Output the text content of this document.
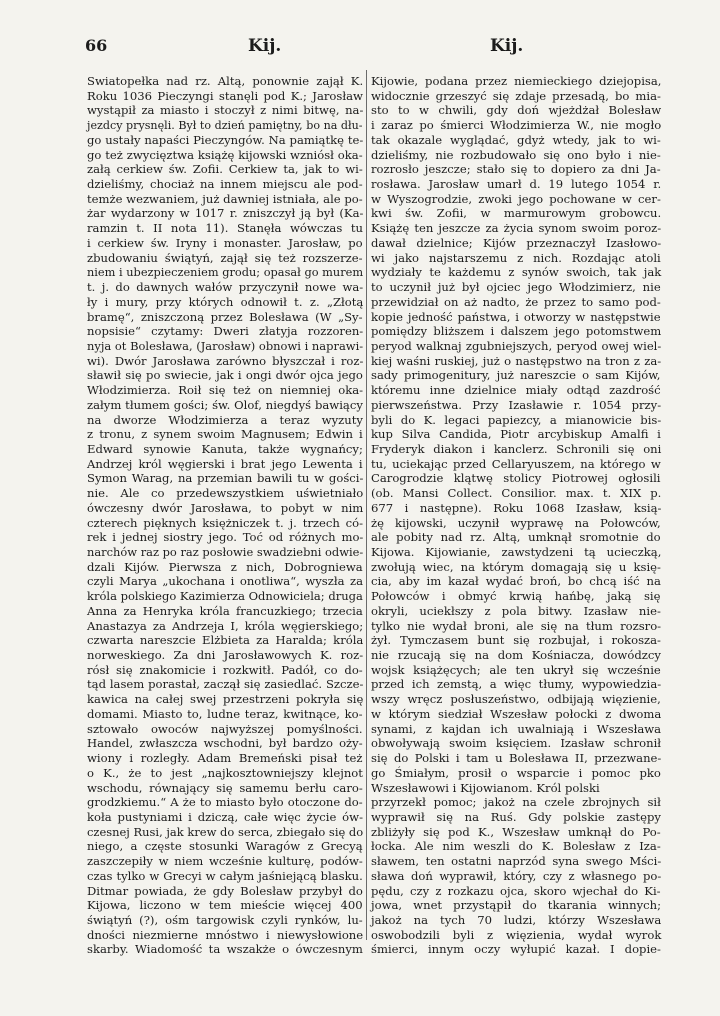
66	Kij.	Kij.
Swiatopełka nad rz. Altą, ponownie zajął K.
Roku 1036 Pieczyngi stanęli pod K.; Jarosław
wystąpił za miasto i stoczył z nimi bitwę, na-
jezdcy prysnęli. Był to dzień pamiętny, bo na dłu-
go ustały napaści Pieczyngów. Na pamiątkę te-
go też zwycięztwa książę kijowski wzniósł oka-
załą cerkiew św. Zofii. Cerkiew ta, jak to wi-
dzieliśmy, chociaż na innem miejscu ale pod-
temże wezwaniem, już dawniej istniała, ale po-
żar wydarzony w 1017 r. zniszczył ją był (Ka-
ramzin t. II nota 11). Stanęła wówczas tu
i cerkiew św. Iryny i monaster. Jarosław, po
zbudowaniu świątyń, zajął się też rozszerze-
niem i ubezpieczeniem grodu; opasał go murem
t. j. do dawnych wałów przyczynił nowe wa-
ły i mury, przy których odnowił t. z. „Złotą
bramę“, zniszczoną przez Bolesława (W „Sy-
nopsisie“ czytamy: Dweri złatyja rozzoren-
nyja ot Bolesława, (Jarosław) obnowi i naprawi-
wi). Dwór Jarosława zarówno błyszczał i roz-
sławił się po swiecie, jak i ongi dwór ojca jego
Włodzimierza. Roił się też on niemniej oka-
załym tłumem gości; św. Olof, niegdyś bawiący
na dworze Włodzimierza a teraz wyzuty
z tronu, z synem swoim Magnusem; Edwin i
Edward synowie Kanuta, także wygnańcy;
Andrzej król węgierski i brat jego Lewenta i
Symon Warag, na przemian bawili tu w gości-
nie. Ale co przedewszystkiem uświetniało
ówczesny dwór Jarosława, to pobyt w nim
czterech pięknych księżniczek t. j. trzech có-
rek i jednej siostry jego. Toć od różnych mo-
narchów raz po raz posłowie swadziebni odwie-
dzali Kijów. Pierwsza z nich, Dobrogniewa
czyli Marya „ukochana i onotliwa“, wyszła za
króla polskiego Kazimierza Odnowiciela; druga
Anna za Henryka króla francuzkiego; trzecia
Anastazya za Andrzeja I, króla węgierskiego;
czwarta nareszcie Elżbieta za Haralda; króla
norweskiego. Za dni Jarosławowych K. roz-
rósł się znakomicie i rozkwitł. Padół, co do-
tąd lasem porastał, zaczął się zasiedlać. Szcze-
kawica na całej swej przestrzeni pokryła się
domami. Miasto to, ludne teraz, kwitnące, ko-
sztowało owoców najwyższej pomyślności.
Handel, zwłaszcza wschodni, był bardzo oży-
wiony i rozległy. Adam Bremeński pisał też
o K., że to jest „najkosztowniejszy klejnot
wschodu, równający się samemu berłu caro-
grodzkiemu.“ A że to miasto było otoczone do-
koła pustyniami i dziczą, całe więc życie ów-
czesnej Rusi, jak krew do serca, zbiegało się do
niego, a częste stosunki Waragów z Grecyą
zaszczepiły w niem wcześnie kulturę, podów-
czas tylko w Grecyi w całym jaśniejącą blasku.
Ditmar powiada, że gdy Bolesław przybył do
Kijowa, liczono w tem mieście więcej 400
świątyń (?), ośm targowisk czyli rynków, lu-
dności niezmierne mnóstwo i niewysłowione
skarby. Wiadomość ta wszakże o ówczesnym
Kijowie, podana przez niemieckiego dziejopisa,
widocznie grzeszyć się zdaje przesadą, bo mia-
sto to w chwili, gdy doń wjeżdżał Bolesław
i zaraz po śmierci Włodzimierza W., nie mogło
tak okazale wyglądać, gdyż wtedy, jak to wi-
dzieliśmy, nie rozbudowało się ono było i nie-
rozrosło jeszcze; stało się to dopiero za dni Ja-
rosława. Jarosław umarł d. 19 lutego 1054 r.
w Wyszogrodzie, zwoki jego pochowane w cer-
kwi św. Zofii, w marmurowym grobowcu.
Książę ten jeszcze za życia synom swoim poroz-
dawał dzielnice; Kijów przeznaczył Izasłowo-
wi jako najstarszemu z nich. Rozdając atoli
wydziały te każdemu z synów swoich, tak jak
to uczynił już był ojciec jego Włodzimierz, nie
przewidział on aż nadto, że przez to samo pod-
kopie jedność państwa, i otworzy w następstwie
pomiędzy bliższem i dalszem jego potomstwem
peryod walknaj zgubniejszych, peryod owej wiel-
kiej waśni ruskiej, już o następstwo na tron z za-
sady primogenitury, już nareszcie o sam Kijów,
któremu inne dzielnice miały odtąd zazdrość
pierwszeństwa. Przy Izasławie r. 1054 przy-
byli do K. legaci papiezcy, a mianowicie bis-
kup Silva Candida, Piotr arcybiskup Amalfi i
Fryderyk diakon i kanclerz. Schronili się oni
tu, uciekając przed Cellaryuszem, na którego w
Carogrodzie klątwę stolicy Piotrowej ogłosili
(ob. Mansi Collect. Consilior. max. t. XIX p.
677 i następne). Roku 1068 Izasław, ksią-
żę kijowski, uczynił wyprawę na Połowców,
ale pobity nad rz. Altą, umknął sromotnie do
Kijowa. Kijowianie, zawstydzeni tą ucieczką,
zwołują wiec, na którym domagają się u księ-
cia, aby im kazał wydać broń, bo chcą iść na
Połowców i obmyć krwią hańbę, jaką się
okryli, uciekłszy z pola bitwy. Izasław nie-
tylko nie wydał broni, ale się na tłum rozsro-
żył. Tymczasem bunt się rozbujał, i rokosza-
nie rzucają się na dom Kośniacza, dowódzcy
wojsk książęcych; ale ten ukrył się wcześnie
przed ich zemstą, a więc tłumy, wypowiedzia-
wszy wręcz posłuszeństwo, odbijają więzienie,
w którym siedział Wszesław połocki z dwoma
synami, z kajdan ich uwalniają i Wszesława
obwoływają swoim księciem. Izasław schronił
się do Polski i tam u Bolesława II, przezwane-
go Śmiałym, prosił o wsparcie i pomoc pko
Wszesławowi i Kijowianom. Król polski
przyrzekł pomoc; jakoż na czele zbrojnych sił
wyprawił się na Ruś. Gdy polskie zastępy
zbliżyły się pod K., Wszesław umknął do Po-
łocka. Ale nim weszli do K. Bolesław z Iza-
sławem, ten ostatni naprzód syna swego Mści-
sława doń wyprawił, który, czy z własnego po-
pędu, czy z rozkazu ojca, skoro wjechał do Ki-
jowa, wnet przystąpił do tkarania winnych;
jakoż na tych 70 ludzi, którzy Wszesława
oswobodzili byli z więzienia, wydał wyrok
śmierci, innym oczy wyłupić kazał. I dopie-
